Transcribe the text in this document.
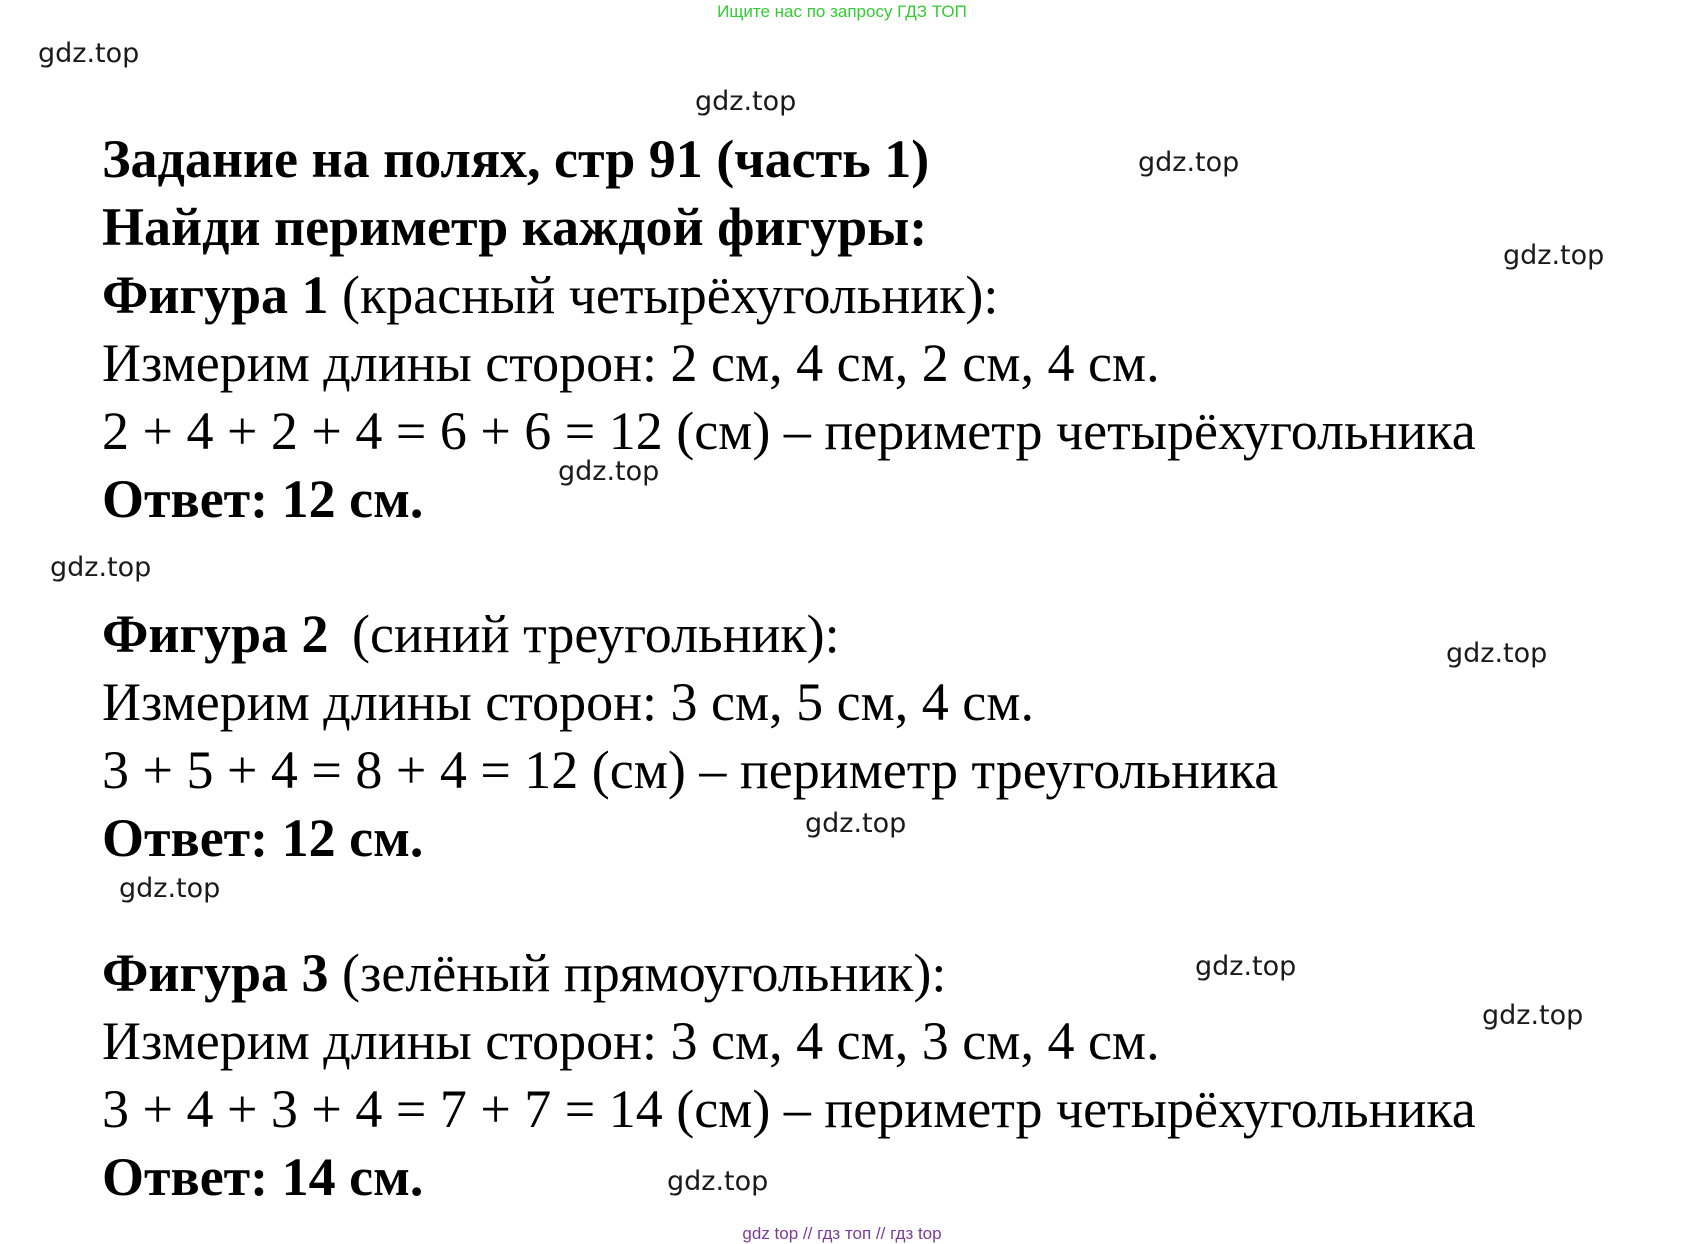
Ищите нас по запросу ГДЗ ТОП
gdz.top
gdz.top
gdz.top
gdz.top
gdz.top
gdz.top
gdz.top
gdz.top
gdz.top
gdz.top
gdz.top
gdz.top
Задание на полях, стр 91 (часть 1)
Найди периметр каждой фигуры:
Фигура 1 (красный четырёхугольник):
Измерим длины сторон: 2 см, 4 см, 2 см, 4 см.
2 + 4 + 2 + 4 = 6 + 6 = 12 (см) – периметр четырёхугольника
Ответ: 12 см.
Фигура 2 (синий треугольник):
Измерим длины сторон: 3 см, 5 см, 4 см.
3 + 5 + 4 = 8 + 4 = 12 (см) – периметр треугольника
Ответ: 12 см.
Фигура 3 (зелёный прямоугольник):
Измерим длины сторон: 3 см, 4 см, 3 см, 4 см.
3 + 4 + 3 + 4 = 7 + 7 = 14 (см) – периметр четырёхугольника
Ответ: 14 см.
gdz top // гдз топ // гдз top
